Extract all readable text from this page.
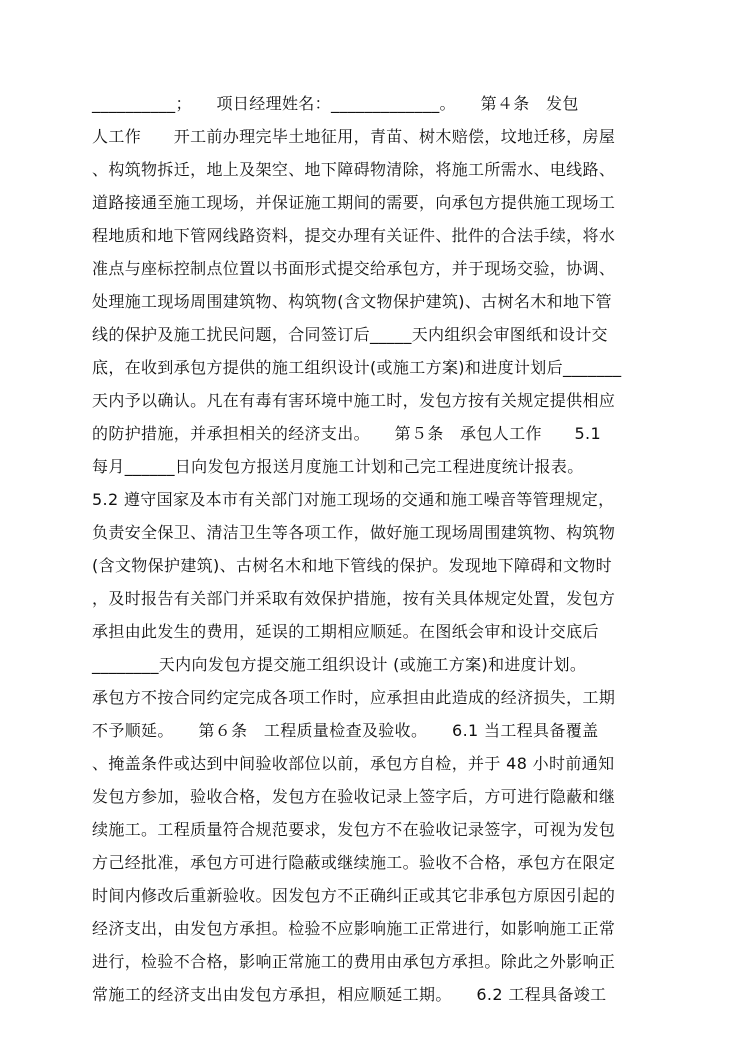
__________；　　项日经理姓名：_____________。　　第４条　发包
人工作　　开工前办理完毕土地征用，青苗、树木赔偿，坟地迁移，房屋
、构筑物拆迁，地上及架空、地下障碍物清除，将施工所需水、电线路、
道路接通至施工现场，并保证施工期间的需要，向承包方提供施工现场工
程地质和地下管网线路资料，提交办理有关证件、批件的合法手续，将水
准点与座标控制点位置以书面形式提交给承包方，并于现场交验，协调、
处理施工现场周围建筑物、构筑物(含文物保护建筑)、古树名木和地下管
线的保护及施工扰民问题，合同签订后_____天内组织会审图纸和设计交
底，在收到承包方提供的施工组织设计(或施工方案)和进度计划后_______
天内予以确认。凡在有毒有害环境中施工时，发包方按有关规定提供相应
的防护措施，并承担相关的经济支出。　　第５条　承包人工作　　5.1
每月______日向发包方报送月度施工计划和己完工程进度统计报表。
5.2 遵守国家及本市有关部门对施工现场的交通和施工噪音等管理规定，
负责安全保卫、清洁卫生等各项工作，做好施工现场周围建筑物、构筑物
(含文物保护建筑)、古树名木和地下管线的保护。发现地下障碍和文物时
，及时报告有关部门并采取有效保护措施，按有关具体规定处置，发包方
承担由此发生的费用，延误的工期相应顺延。在图纸会审和设计交底后
________天内向发包方提交施工组织设计 (或施工方案)和进度计划。
承包方不按合同约定完成各项工作时，应承担由此造成的经济损失，工期
不予顺延。　　第６条　工程质量检查及验收。　　6.1 当工程具备覆盖
、掩盖条件或达到中间验收部位以前，承包方自检，并于 48 小时前通知
发包方参加，验收合格，发包方在验收记录上签字后，方可进行隐蔽和继
续施工。工程质量符合规范要求，发包方不在验收记录签字，可视为发包
方己经批准，承包方可进行隐蔽或继续施工。验收不合格，承包方在限定
时间内修改后重新验收。因发包方不正确纠正或其它非承包方原因引起的
经济支出，由发包方承担。检验不应影响施工正常进行，如影响施工正常
进行，检验不合格，影响正常施工的费用由承包方承担。除此之外影响正
常施工的经济支出由发包方承担，相应顺延工期。　　6.2 工程具备竣工
